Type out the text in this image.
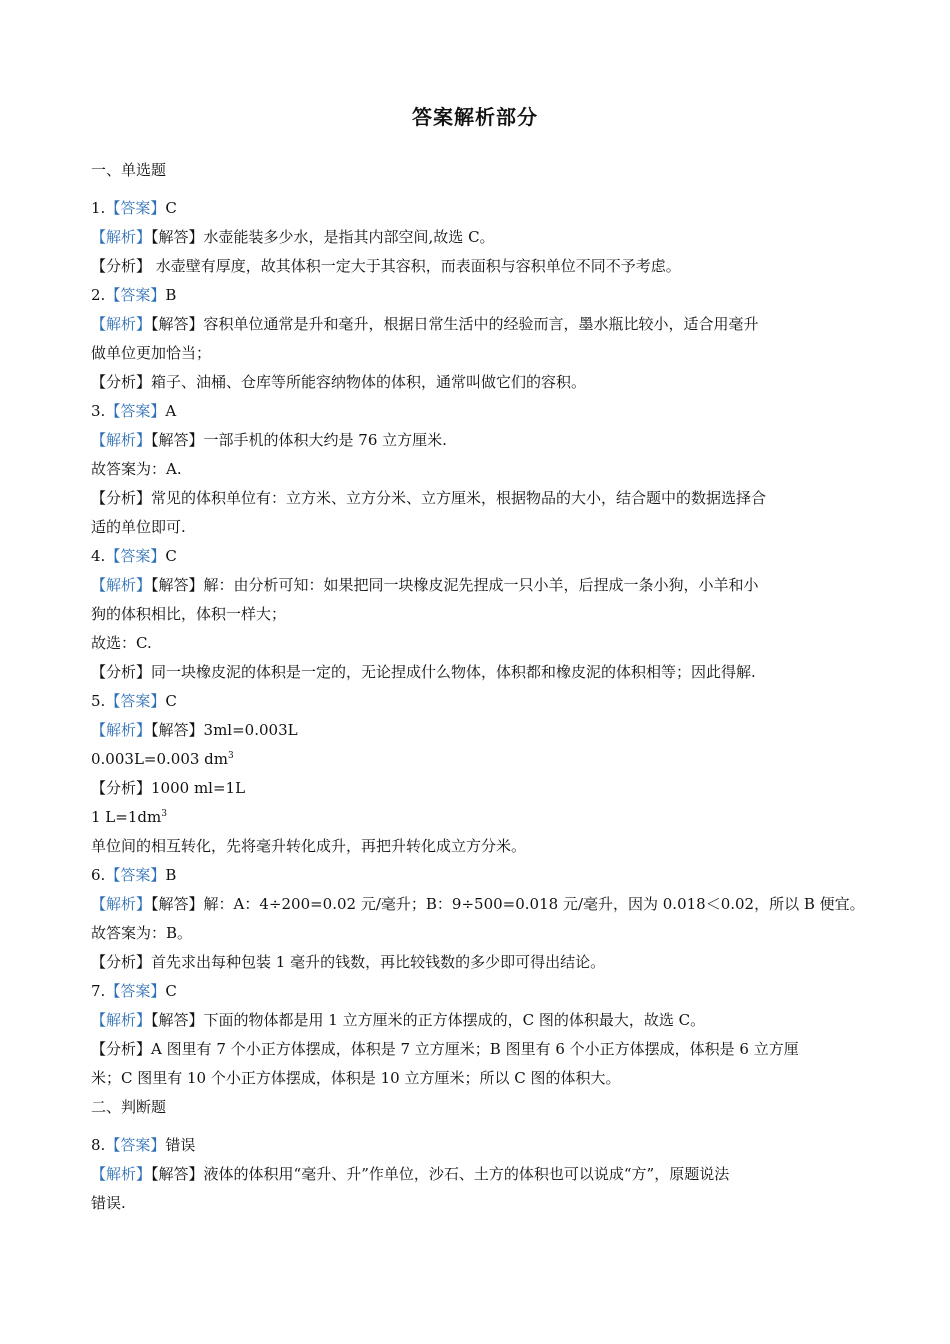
答案解析部分
一、单选题
1.【答案】C
【解析】【解答】水壶能装多少水，是指其内部空间,故选 C。
【分析】 水壶壁有厚度，故其体积一定大于其容积，而表面积与容积单位不同不予考虑。
2.【答案】B
【解析】【解答】容积单位通常是升和毫升，根据日常生活中的经验而言，墨水瓶比较小，适合用毫升
做单位更加恰当；
【分析】箱子、油桶、仓库等所能容纳物体的体积，通常叫做它们的容积。
3.【答案】A
【解析】【解答】一部手机的体积大约是 76 立方厘米.
故答案为：A.
【分析】常见的体积单位有：立方米、立方分米、立方厘米，根据物品的大小，结合题中的数据选择合
适的单位即可.
4.【答案】C
【解析】【解答】解：由分析可知：如果把同一块橡皮泥先捏成一只小羊，后捏成一条小狗，小羊和小
狗的体积相比，体积一样大；
故选：C.
【分析】同一块橡皮泥的体积是一定的，无论捏成什么物体，体积都和橡皮泥的体积相等；因此得解.
5.【答案】C
【解析】【解答】3ml=0.003L
0.003L=0.003 $dm^3$
【分析】1000 ml=1L
1 $L=1dm^3$
单位间的相互转化，先将毫升转化成升，再把升转化成立方分米。
6.【答案】B
【解析】【解答】解：A：4÷200=0.02 元/毫升；B：9÷500=0.018 元/毫升，因为 0.018＜0.02，所以 B 便宜。
故答案为：B。
【分析】首先求出每种包装 1 毫升的钱数，再比较钱数的多少即可得出结论。
7.【答案】C
【解析】【解答】下面的物体都是用 1 立方厘米的正方体摆成的，C 图的体积最大，故选 C。
【分析】A 图里有 7 个小正方体摆成，体积是 7 立方厘米；B 图里有 6 个小正方体摆成，体积是 6 立方厘
米；C 图里有 10 个小正方体摆成，体积是 10 立方厘米；所以 C 图的体积大。
二、判断题
8.【答案】错误
【解析】【解答】液体的体积用“毫升、升”作单位，沙石、土方的体积也可以说成“方”，原题说法
错误.
